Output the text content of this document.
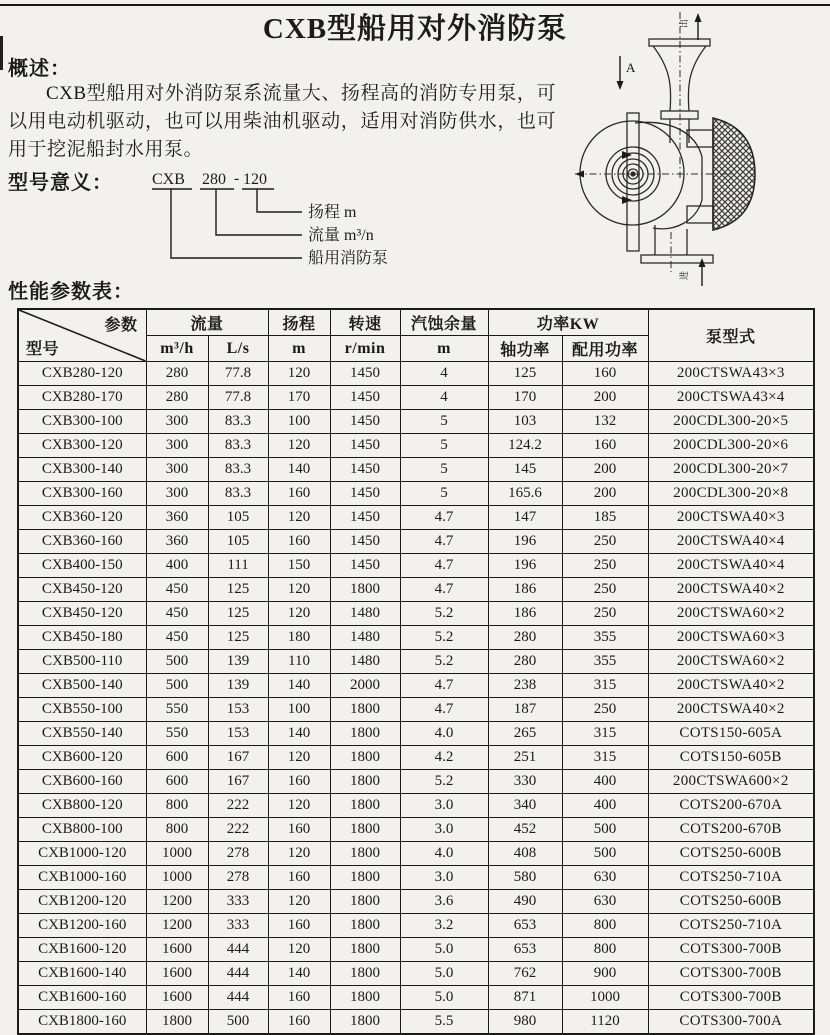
CXB型船用对外消防泵
概述：
CXB型船用对外消防泵系流量大、扬程高的消防专用泵，可以用电动机驱动，也可以用柴油机驱动，适用对消防供水，也可用于挖泥船封水用泵。
型号意义： CXB 280 - 120
扬程 m
流量 m³/n
船用消防泵
出
A
进
性能参数表：
参数
型号	流量		扬程	转速	汽蚀余量	功率KW		泵型式
	m³/h	L/s	m	r/min	m	轴功率	配用功率	
CXB280-120	280	77.8	120	1450	4	125	160	200CTSWA43×3
CXB280-170	280	77.8	170	1450	4	170	200	200CTSWA43×4
CXB300-100	300	83.3	100	1450	5	103	132	200CDL300-20×5
CXB300-120	300	83.3	120	1450	5	124.2	160	200CDL300-20×6
CXB300-140	300	83.3	140	1450	5	145	200	200CDL300-20×7
CXB300-160	300	83.3	160	1450	5	165.6	200	200CDL300-20×8
CXB360-120	360	105	120	1450	4.7	147	185	200CTSWA40×3
CXB360-160	360	105	160	1450	4.7	196	250	200CTSWA40×4
CXB400-150	400	111	150	1450	4.7	196	250	200CTSWA40×4
CXB450-120	450	125	120	1800	4.7	186	250	200CTSWA40×2
CXB450-120	450	125	120	1480	5.2	186	250	200CTSWA60×2
CXB450-180	450	125	180	1480	5.2	280	355	200CTSWA60×3
CXB500-110	500	139	110	1480	5.2	280	355	200CTSWA60×2
CXB500-140	500	139	140	2000	4.7	238	315	200CTSWA40×2
CXB550-100	550	153	100	1800	4.7	187	250	200CTSWA40×2
CXB550-140	550	153	140	1800	4.0	265	315	COTS150-605A
CXB600-120	600	167	120	1800	4.2	251	315	COTS150-605B
CXB600-160	600	167	160	1800	5.2	330	400	200CTSWA600×2
CXB800-120	800	222	120	1800	3.0	340	400	COTS200-670A
CXB800-100	800	222	160	1800	3.0	452	500	COTS200-670B
CXB1000-120	1000	278	120	1800	4.0	408	500	COTS250-600B
CXB1000-160	1000	278	160	1800	3.0	580	630	COTS250-710A
CXB1200-120	1200	333	120	1800	3.6	490	630	COTS250-600B
CXB1200-160	1200	333	160	1800	3.2	653	800	COTS250-710A
CXB1600-120	1600	444	120	1800	5.0	653	800	COTS300-700B
CXB1600-140	1600	444	140	1800	5.0	762	900	COTS300-700B
CXB1600-160	1600	444	160	1800	5.0	871	1000	COTS300-700B
CXB1800-160	1800	500	160	1800	5.5	980	1120	COTS300-700A
